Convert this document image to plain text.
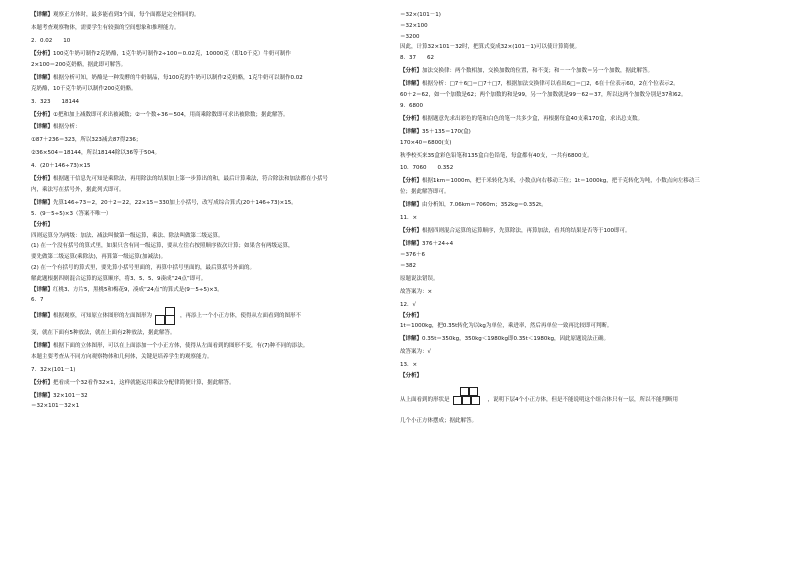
【详解】观察正方体时，最多能看到3个面，每个面都是完全相同的。
本题考查观察物体，需要学生有较强的空间想象和推理能力。
2．0.02　　10
【分析】100克牛奶可制作2克奶酪，1克牛奶可制作2÷100＝0.02克，10000克（即10千克）牛奶可制作
2×100＝200克奶酪，据此即可解答。
【详解】根据分析可知，奶酪是一种发酵的牛奶制品，每100克的牛奶可以制作2克奶酪，1克牛奶可以制作0.02
克奶酪，10千克牛奶可以制作200克奶酪。
3．323　　18144
【分析】①把和加上减数即可求出被减数；②一个数÷36＝504，用商乘除数即可求出被除数；据此解答。
【详解】根据分析：
①87＋236＝323，所以323减去87得236；
②36×504＝18144，所以18144除以36等于504。
4．(20＋146÷73)×15
【分析】根据题干信息先可知是乘除法，再用除法的结果加上第一步算出的和，最后计算乘法，符合除法和加法都在小括号
内，乘法写在括号外，据此列式即可。
【详解】先算146÷73＝2，20＋2＝22，22×15＝330加上小括号，改写成综合算式(20＋146÷73)×15。
5．(9－5÷5)×3（答案不唯一）
【分析】
四则运算分为两级：加法、减法叫做第一级运算，乘法、除法叫做第二级运算。
(1) 在一个没有括号的算式里，如果只含有同一级运算，要从左往右按照顺序依次计算；如果含有两级运算，
要先做第二级运算(乘除法)，再算第一级运算(加减法)。
(2) 在一个有括号的算式里，要先算小括号里面的，再算中括号里面的，最后算括号外面的。
解此题根据四则混合运算的运算顺序，将3、5、5、9凑成“24点”即可。
【详解】红桃3、方片5，黑桃5和梅花9，凑成“24点”的算式是(9－5÷5)×3。
6．7
【详解】根据观察，可知原立体图形的左面图形为	，再添上一个小正方体，使得从左面看到的图形不
变，就在下面有5种放法，就在上面有2种放法，据此解答。
【详解】根据下面的立体图形，可以在上面添加一个小正方体，使得从左面看到的图形不变，有(7)种不同的添法。
本题主要考查从不同方向观察物体和几何体，关键是培养学生的观察能力。
7．32×(101－1)
【分析】把看成一个32看作32×1，这样就能运用乘法分配律简便计算，据此解答。
【详解】32×101－32
＝32×101－32×1
＝32×(101－1)
＝32×100
＝3200
因此，计算32×101－32时，把算式变成32×(101－1)可以使计算简便。
8．37　　62
【分析】加法交换律：两个数相加，交换加数的位置，和不变；和－一个加数＝另一个加数，据此解答。
【详解】根据分析：□7＋6□＝□7＋□7，根据加法交换律可以看出6□＝□2，6在十位表示60，2在个位表示2。
60＋2＝62，如一个加数是62；两个加数的和是99，另一个加数就是99－62＝37，所以这两个加数分别是37和62。
9．6800
【分析】根据题意先求出彩色的笔和白色的笔一共多少盒，再根据每盒40支乘170盒，求出总支数。
【详解】35＋135＝170(盒)
170×40＝6800(支)
秋季校买来35盒彩色铅笔和135盒白色铅笔，每盒都有40支，一共有6800支。
10．7060　　0.352
【分析】根据1km＝1000m，把千米转化为米，小数点向右移动三位；1t＝1000kg，把千克转化为吨，小数点向左移动三
位；据此解答即可。
【详解】由分析知，7.06km＝7060m；352kg＝0.352t。
11．×
【分析】根据四则混合运算的运算顺序，先算除法，再算加法，看其的结果是否等于100即可。
【详解】376＋24÷4
＝376＋6
＝382
原题说法错误。
故答案为：×
12．√
【分析】
1t＝1000kg，把0.35t转化为以kg为单位，乘进率，然后再单位一致再比较即可判断。
【详解】0.35t＝350kg，350kg＜1980kg即0.35t＜1980kg，因此原题说法正确。
故答案为：√
13．×
【分析】
从上面看到的形状是	，说明下层4个小正方体，但是不能说明这个组合体只有一层，所以不能判断用
几个小正方体摆成；据此解答。
